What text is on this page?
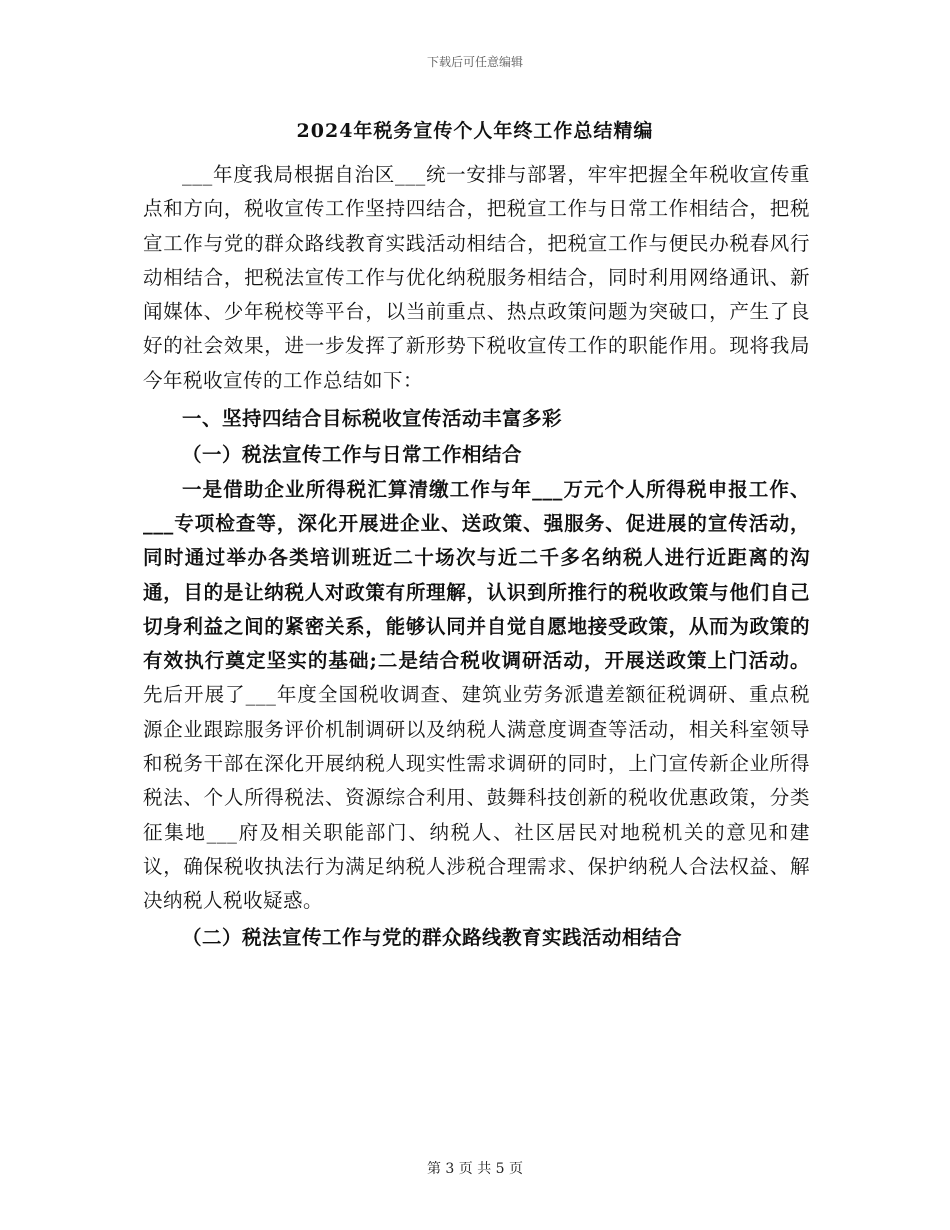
下载后可任意编辑
2024年税务宣传个人年终工作总结精编

___年度我局根据自治区___统一安排与部署，牢牢把握全年税收宣传重点和方向，税收宣传工作坚持四结合，把税宣工作与日常工作相结合，把税宣工作与党的群众路线教育实践活动相结合，把税宣工作与便民办税春风行动相结合，把税法宣传工作与优化纳税服务相结合，同时利用网络通讯、新闻媒体、少年税校等平台，以当前重点、热点政策问题为突破口，产生了良好的社会效果，进一步发挥了新形势下税收宣传工作的职能作用。现将我局今年税收宣传的工作总结如下：

一、坚持四结合目标税收宣传活动丰富多彩

（一）税法宣传工作与日常工作相结合

一是借助企业所得税汇算清缴工作与年___万元个人所得税申报工作、___专项检查等，深化开展进企业、送政策、强服务、促进展的宣传活动，同时通过举办各类培训班近二十场次与近二千多名纳税人进行近距离的沟通，目的是让纳税人对政策有所理解，认识到所推行的税收政策与他们自己切身利益之间的紧密关系，能够认同并自觉自愿地接受政策，从而为政策的有效执行奠定坚实的基础;二是结合税收调研活动，开展送政策上门活动。先后开展了___年度全国税收调查、建筑业劳务派遣差额征税调研、重点税源企业跟踪服务评价机制调研以及纳税人满意度调查等活动，相关科室领导和税务干部在深化开展纳税人现实性需求调研的同时，上门宣传新企业所得税法、个人所得税法、资源综合利用、鼓舞科技创新的税收优惠政策，分类征集地___府及相关职能部门、纳税人、社区居民对地税机关的意见和建议，确保税收执法行为满足纳税人涉税合理需求、保护纳税人合法权益、解决纳税人税收疑惑。

（二）税法宣传工作与党的群众路线教育实践活动相结合

第 3 页 共 5 页
